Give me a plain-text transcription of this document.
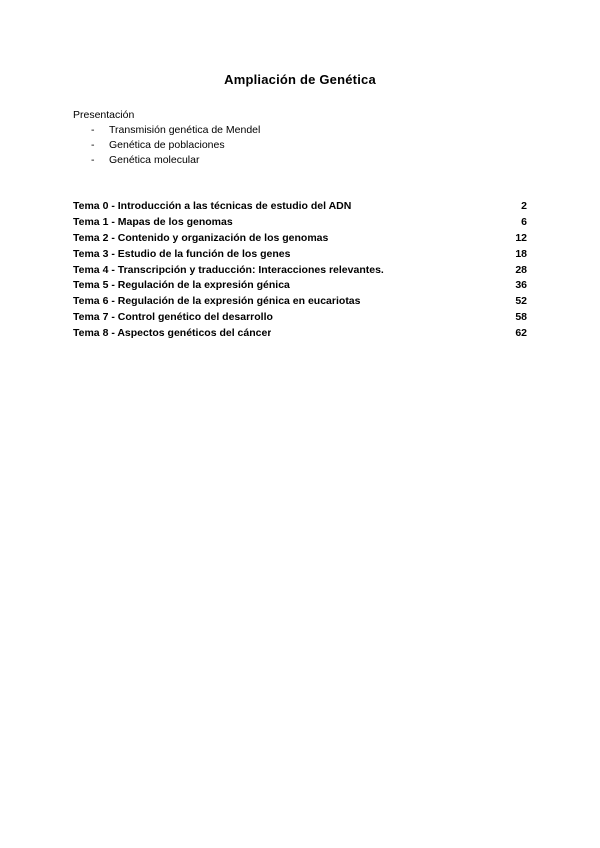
Ampliación de Genética
Presentación
-	Transmisión genética de Mendel
-	Genética de poblaciones
-	Genética molecular
Tema 0 - Introducción a las técnicas de estudio del ADN	2
Tema 1 - Mapas de los genomas	6
Tema 2 - Contenido y organización de los genomas	12
Tema 3 - Estudio de la función de los genes	18
Tema 4 - Transcripción y traducción: Interacciones relevantes.	28
Tema 5 - Regulación de la expresión génica	36
Tema 6 - Regulación de la expresión génica en eucariotas	52
Tema 7 - Control genético del desarrollo	58
Tema 8 - Aspectos genéticos del cáncer	62
